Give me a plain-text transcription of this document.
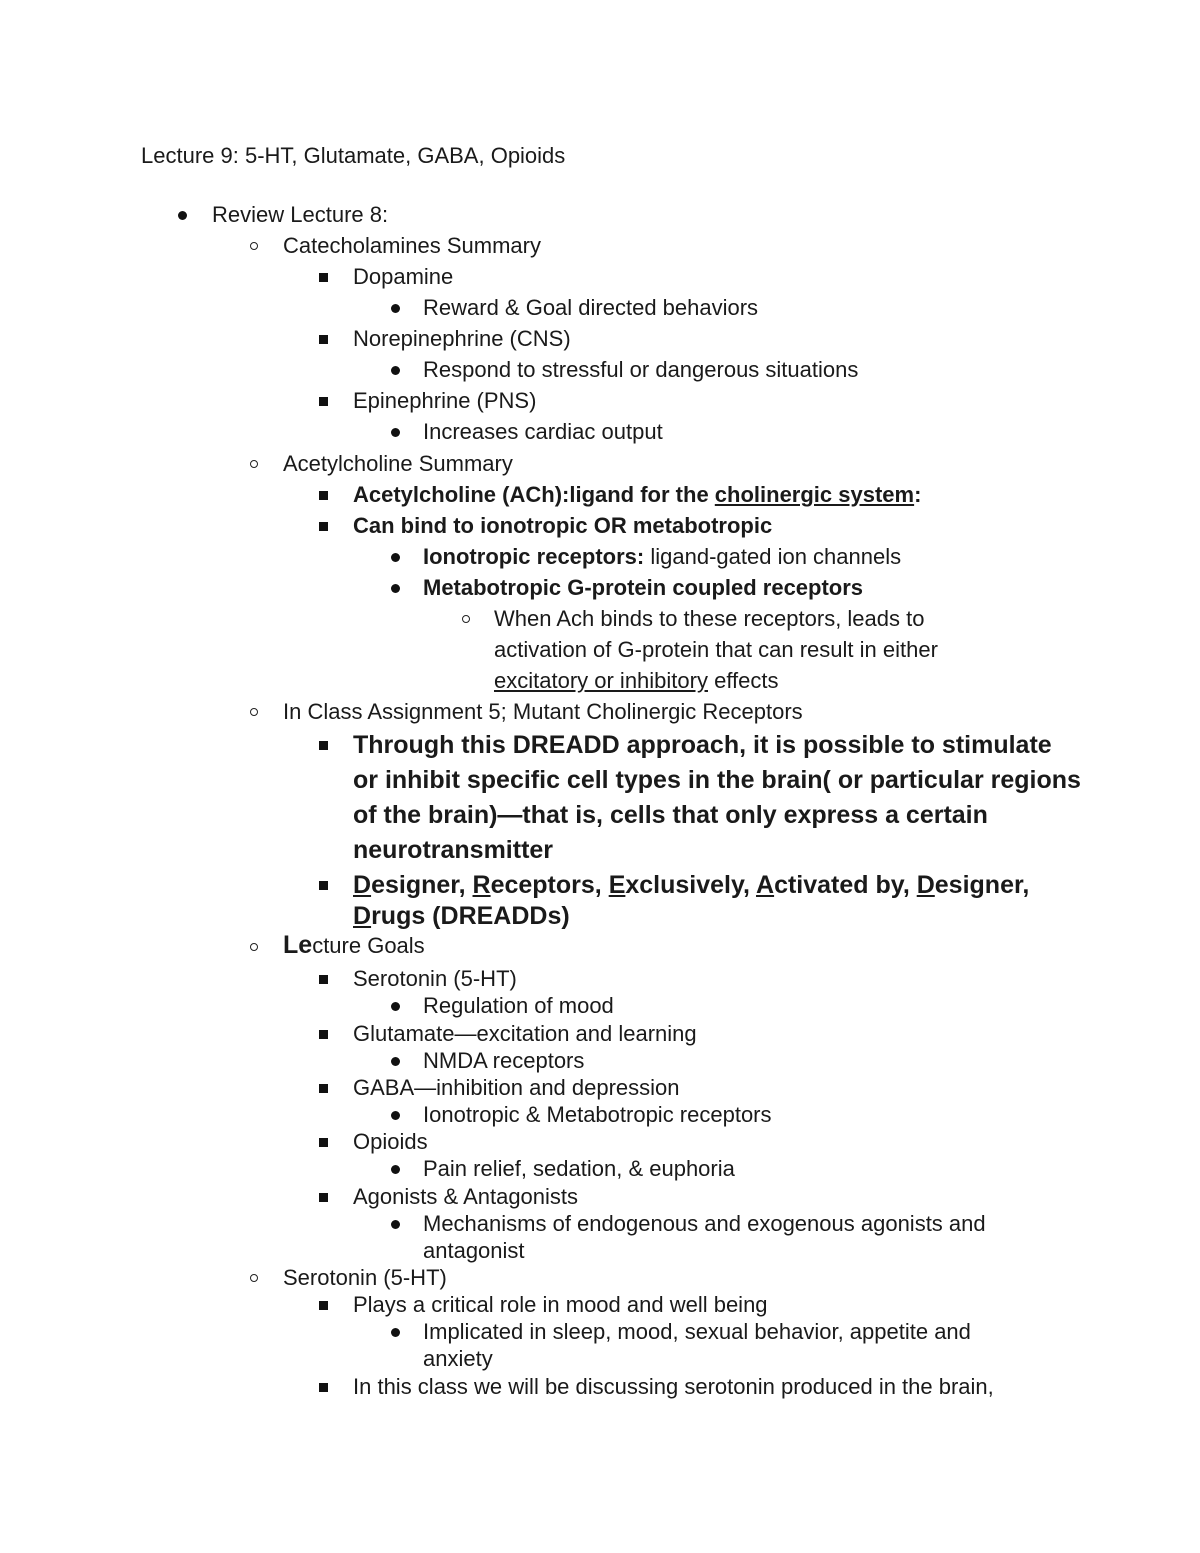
Lecture 9: 5-HT, Glutamate, GABA, Opioids
Review Lecture 8:
Catecholamines Summary
Dopamine
Reward & Goal directed behaviors
Norepinephrine (CNS)
Respond to stressful or dangerous situations
Epinephrine (PNS)
Increases cardiac output
Acetylcholine Summary
Acetylcholine (ACh):ligand for the cholinergic system:
Can bind to ionotropic OR metabotropic
Ionotropic receptors: ligand-gated ion channels
Metabotropic G-protein coupled receptors
When Ach binds to these receptors, leads to
activation of G-protein that can result in either
excitatory or inhibitory effects
In Class Assignment 5; Mutant Cholinergic Receptors
Through this DREADD approach, it is possible to stimulate
or inhibit specific cell types in the brain( or particular regions
of the brain)—that is, cells that only express a certain
neurotransmitter
Designer, Receptors, Exclusively, Activated by, Designer,
Drugs (DREADDs)
Lecture Goals
Serotonin (5-HT)
Regulation of mood
Glutamate—excitation and learning
NMDA receptors
GABA—inhibition and depression
Ionotropic & Metabotropic receptors
Opioids
Pain relief, sedation, & euphoria
Agonists & Antagonists
Mechanisms of endogenous and exogenous agonists and
antagonist
Serotonin (5-HT)
Plays a critical role in mood and well being
Implicated in sleep, mood, sexual behavior, appetite and
anxiety
In this class we will be discussing serotonin produced in the brain,
